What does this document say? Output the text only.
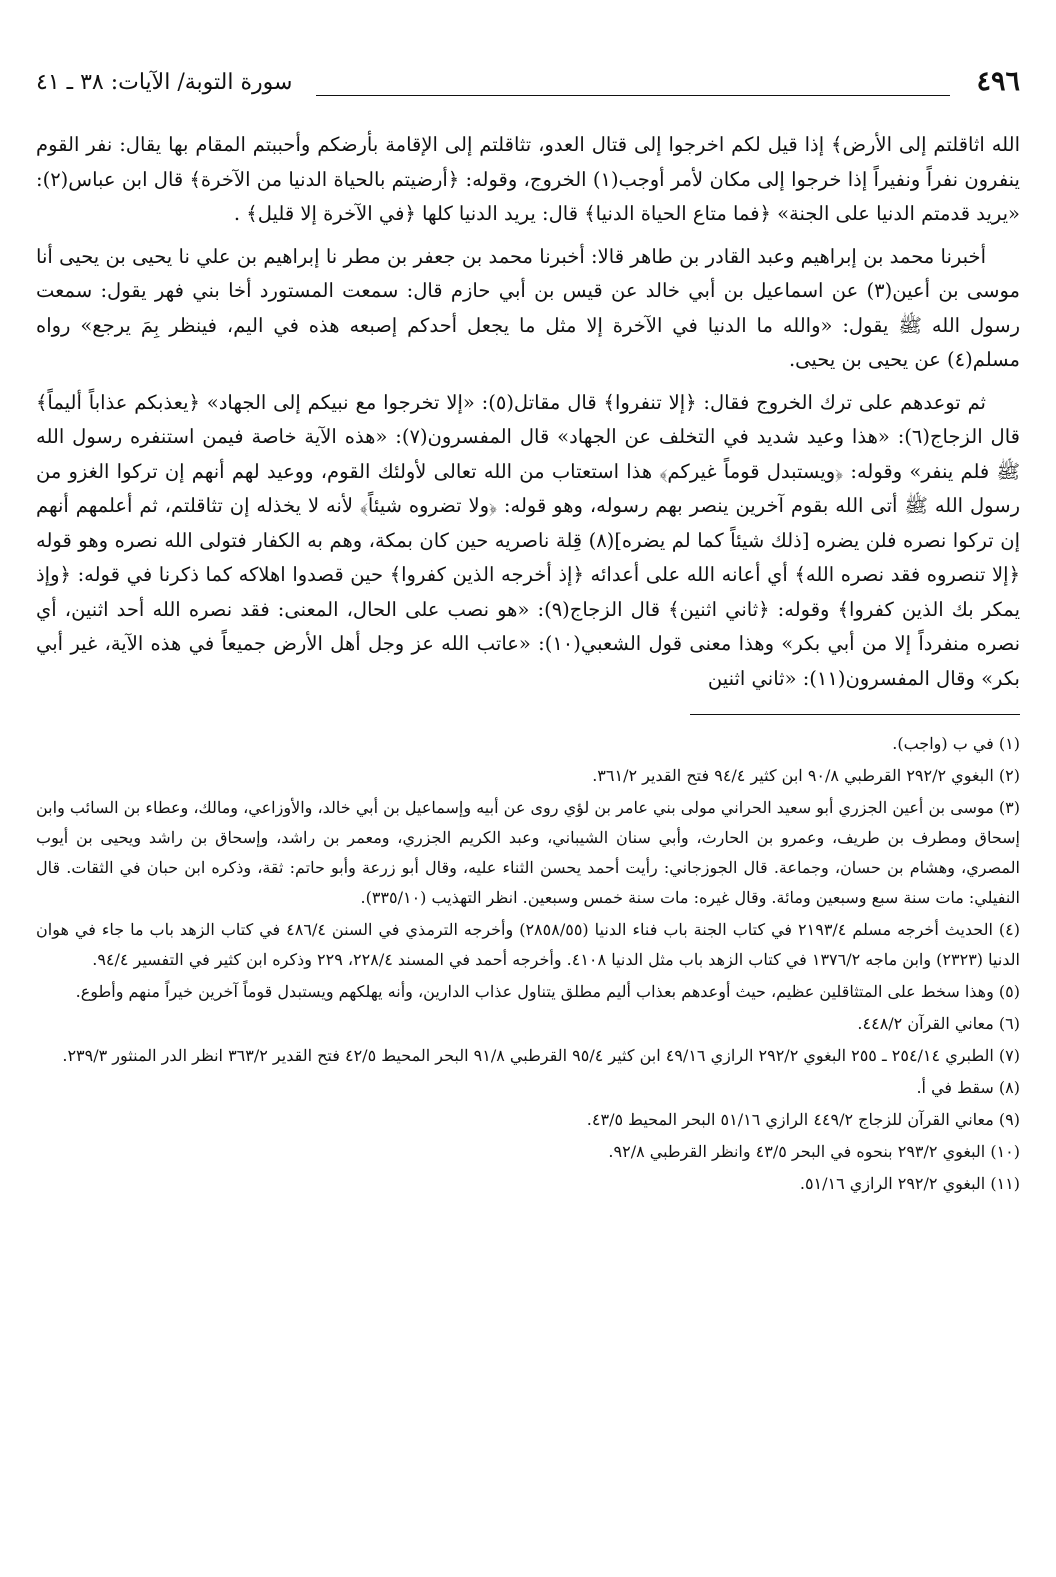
٤٩٦
سورة التوبة/ الآيات: ٣٨ ـ ٤١

الله اثاقلتم إلى الأرض﴾ إذا قيل لكم اخرجوا إلى قتال العدو، تثاقلتم إلى الإقامة بأرضكم وأحببتم المقام بها يقال: نفر القوم ينفرون نفراً ونفيراً إذا خرجوا إلى مكان لأمر أوجب(١) الخروج، وقوله: ﴿أرضيتم بالحياة الدنيا من الآخرة﴾ قال ابن عباس(٢): «يريد قدمتم الدنيا على الجنة» ﴿فما متاع الحياة الدنيا﴾ قال: يريد الدنيا كلها ﴿في الآخرة إلا قليل﴾ .

أخبرنا محمد بن إبراهيم وعبد القادر بن طاهر قالا: أخبرنا محمد بن جعفر بن مطر نا إبراهيم بن علي نا يحيى بن يحيى أنا موسى بن أعين(٣) عن اسماعيل بن أبي خالد عن قيس بن أبي حازم قال: سمعت المستورد أخا بني فهر يقول: سمعت رسول الله ﷺ يقول: «والله ما الدنيا في الآخرة إلا مثل ما يجعل أحدكم إصبعه هذه في اليم، فينظر بِمَ يرجع» رواه مسلم(٤) عن يحيى بن يحيى.

ثم توعدهم على ترك الخروج فقال: ﴿إلا تنفروا﴾ قال مقاتل(٥): «إلا تخرجوا مع نبيكم إلى الجهاد» ﴿يعذبكم عذاباً أليماً﴾ قال الزجاج(٦): «هذا وعيد شديد في التخلف عن الجهاد» قال المفسرون(٧): «هذه الآية خاصة فيمن استنفره رسول الله ﷺ فلم ينفر» وقوله: ﴿ويستبدل قوماً غيركم﴾ هذا استعتاب من الله تعالى لأولئك القوم، ووعيد لهم أنهم إن تركوا الغزو من رسول الله ﷺ أتى الله بقوم آخرين ينصر بهم رسوله، وهو قوله: ﴿ولا تضروه شيئاً﴾ لأنه لا يخذله إن تثاقلتم، ثم أعلمهم أنهم إن تركوا نصره فلن يضره [ذلك شيئاً كما لم يضره](٨) قِلة ناصريه حين كان بمكة، وهم به الكفار فتولى الله نصره وهو قوله ﴿إلا تنصروه فقد نصره الله﴾ أي أعانه الله على أعدائه ﴿إذ أخرجه الذين كفروا﴾ حين قصدوا اهلاكه كما ذكرنا في قوله: ﴿وإذ يمكر بك الذين كفروا﴾ وقوله: ﴿ثاني اثنين﴾ قال الزجاج(٩): «هو نصب على الحال، المعنى: فقد نصره الله أحد اثنين، أي نصره منفرداً إلا من أبي بكر» وهذا معنى قول الشعبي(١٠): «عاتب الله عز وجل أهل الأرض جميعاً في هذه الآية، غير أبي بكر» وقال المفسرون(١١): «ثاني اثنين

(١) في ب (واجب).
(٢) البغوي ٢٩٢/٢ القرطبي ٩٠/٨ ابن كثير ٩٤/٤ فتح القدير ٣٦١/٢.
(٣) موسى بن أعين الجزري أبو سعيد الحراني مولى بني عامر بن لؤي روى عن أبيه وإسماعيل بن أبي خالد، والأوزاعي، ومالك، وعطاء بن السائب وابن إسحاق ومطرف بن طريف، وعمرو بن الحارث، وأبي سنان الشيباني، وعبد الكريم الجزري، ومعمر بن راشد، وإسحاق بن راشد ويحيى بن أيوب المصري، وهشام بن حسان، وجماعة. قال الجوزجاني: رأيت أحمد يحسن الثناء عليه، وقال أبو زرعة وأبو حاتم: ثقة، وذكره ابن حبان في الثقات. قال النفيلي: مات سنة سبع وسبعين ومائة. وقال غيره: مات سنة خمس وسبعين. انظر التهذيب (٣٣٥/١٠).
(٤) الحديث أخرجه مسلم ٢١٩٣/٤ في كتاب الجنة باب فناء الدنيا (٢٨٥٨/٥٥) وأخرجه الترمذي في السنن ٤٨٦/٤ في كتاب الزهد باب ما جاء في هوان الدنيا (٢٣٢٣) وابن ماجه ١٣٧٦/٢ في كتاب الزهد باب مثل الدنيا ٤١٠٨. وأخرجه أحمد في المسند ٢٢٨/٤، ٢٢٩ وذكره ابن كثير في التفسير ٩٤/٤.
(٥) وهذا سخط على المتثاقلين عظيم، حيث أوعدهم بعذاب أليم مطلق يتناول عذاب الدارين، وأنه يهلكهم ويستبدل قوماً آخرين خيراً منهم وأطوع.
(٦) معاني القرآن ٤٤٨/٢.
(٧) الطبري ٢٥٤/١٤ ـ ٢٥٥ البغوي ٢٩٢/٢ الرازي ٤٩/١٦ ابن كثير ٩٥/٤ القرطبي ٩١/٨ البحر المحيط ٤٢/٥ فتح القدير ٣٦٣/٢ انظر الدر المنثور ٢٣٩/٣.
(٨) سقط في أ.
(٩) معاني القرآن للزجاج ٤٤٩/٢ الرازي ٥١/١٦ البحر المحيط ٤٣/٥.
(١٠) البغوي ٢٩٣/٢ بنحوه في البحر ٤٣/٥ وانظر القرطبي ٩٢/٨.
(١١) البغوي ٢٩٢/٢ الرازي ٥١/١٦.
